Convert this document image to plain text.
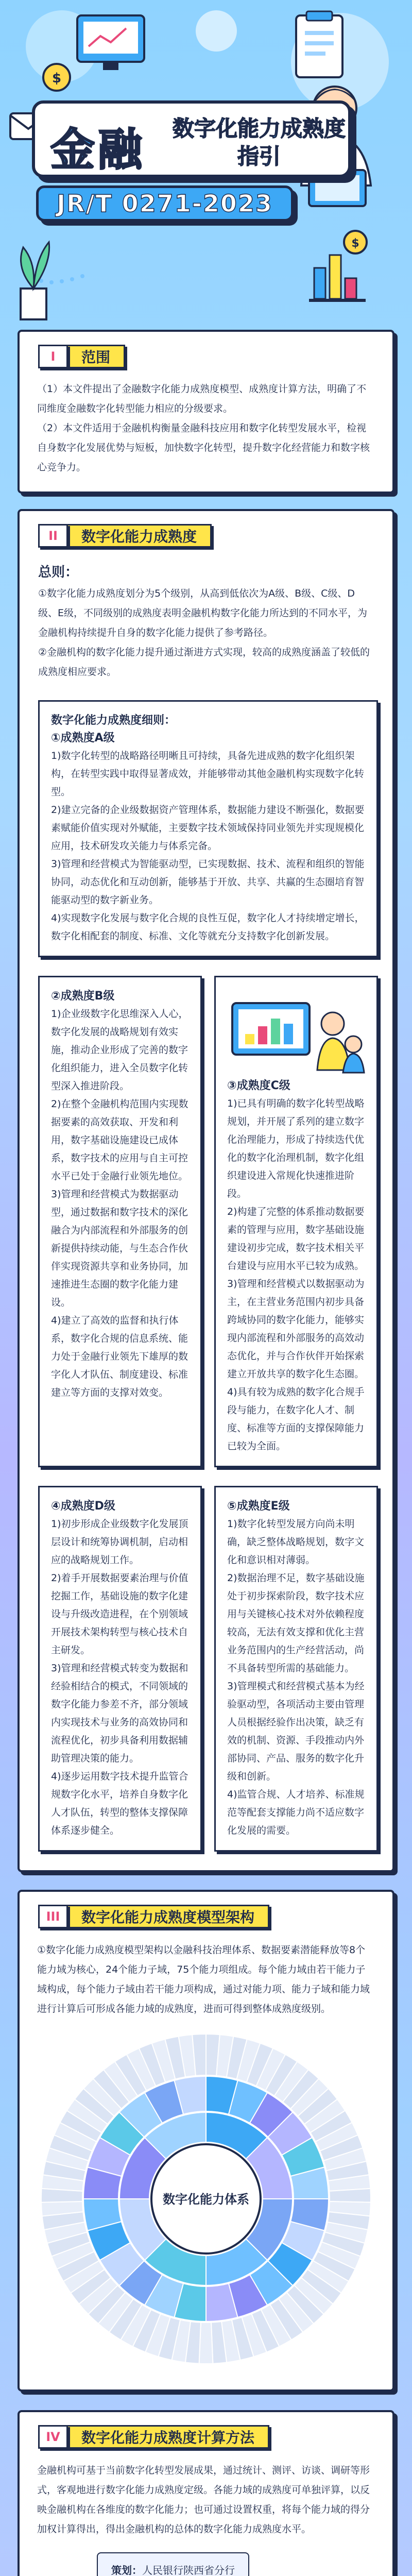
$
$
金融 数字化能力成熟度指引
JR/T 0271-2023
I	范围

（1）本文件提出了金融数字化能力成熟度模型、成熟度计算方法，明确了不同维度金融数字化转型能力相应的分级要求。

（2）本文件适用于金融机构衡量金融科技应用和数字化转型发展水平，检视自身数字化发展优势与短板，加快数字化转型，提升数字化经营能力和数字核心竞争力。

II	数字化能力成熟度
总则：

①数字化能力成熟度划分为5个级别，从高到低依次为A级、B级、C级、D级、E级，不同级别的成熟度表明金融机构数字化能力所达到的不同水平，为金融机构持续提升自身的数字化能力提供了参考路径。

②金融机构的数字化能力提升通过渐进方式实现，较高的成熟度涵盖了较低的成熟度相应要求。

数字化能力成熟度细则：
①成熟度A级

1)数字化转型的战略路径明晰且可持续，具备先进成熟的数字化组织架构，在转型实践中取得显著成效，并能够带动其他金融机构实现数字化转型。

2)建立完备的企业级数据资产管理体系，数据能力建设不断强化，数据要素赋能价值实现对外赋能，主要数字技术领域保持同业领先并实现规模化应用，技术研发攻关能力与体系完备。

3)管理和经营模式为智能驱动型，已实现数据、技术、流程和组织的智能协同，动态优化和互动创新，能够基于开放、共享、共赢的生态圈培育智能驱动型的数字新业务。

4)实现数字化发展与数字化合规的良性互促，数字化人才持续增定增长，数字化相配套的制度、标准、文化等就充分支持数字化创新发展。

②成熟度B级

1)企业级数字化思维深入人心，数字化发展的战略规划有效实施，推动企业形成了完善的数字化组织能力，进入全员数字化转型深入推进阶段。

2)在整个金融机构范围内实现数据要素的高效获取、开发和利用，数字基础设施建设已成体系，数字技术的应用与自主可控水平已处于金融行业领先地位。

3)管理和经营模式为数据驱动型，通过数据和数字技术的深化融合为内部流程和外部服务的创新提供持续动能，与生态合作伙伴实现资源共享和业务协同，加速推进生态圈的数字化能力建设。

4)建立了高效的监督和执行体系，数字化合规的信息系统、能力处于金融行业领先下雄厚的数字化人才队伍、制度建设、标准建立等方面的支撑对效变。

③成熟度C级

1)已具有明确的数字化转型战略规划，并开展了系列的建立数字化治理能力，形成了持续迭代优化的数字化治理机制，数字化组织建设进入常规化快速推进阶段。

2)构建了完整的体系推动数据要素的管理与应用，数字基础设施建设初步完成，数字技术相关平台建设与应用水平已较为成熟。

3)管理和经营模式以数据驱动为主，在主营业务范围内初步具备跨域协同的数字化能力，能够实现内部流程和外部服务的高效动态优化，并与合作伙伴开始探索建立开放共享的数字化生态圈。

4)具有较为成熟的数字化合规手段与能力，在数字化人才、制度、标准等方面的支撑保障能力已较为全面。

④成熟度D级

1)初步形成企业级数字化发展顶层设计和统筹协调机制，启动相应的战略规划工作。

2)着手开展数据要素治理与价值挖掘工作，基础设施的数字化建设与升级改造进程，在个别领域开展技术架构转型与核心技术自主研发。

3)管理和经营模式转变为数据和经验相结合的模式，不同领域的数字化能力参差不齐，部分领域内实现技术与业务的高效协同和流程优化，初步具备利用数据辅助管理决策的能力。

4)逐步运用数字技术提升监管合规数字化水平，培养自身数字化人才队伍，转型的整体支撑保障体系逐步健全。

⑤成熟度E级

1)数字化转型发展方向尚未明确，缺乏整体战略规划，数字文化和意识相对薄弱。

2)数据治理不足，数字基础设施处于初步探索阶段，数字技术应用与关键核心技术对外依赖程度较高，无法有效支撑和优化主营业务范围内的生产经营活动，尚不具备转型所需的基础能力。

3)管理模式和经营模式基本为经验驱动型，各项活动主要由管理人员根据经验作出决策，缺乏有效的机制、资源、手段推动内外部协同、产品、服务的数字化升级和创新。

4)监管合规、人才培养、标准规范等配套支撑能力尚不适应数字化发展的需要。

III	数字化能力成熟度模型架构
①数字化能力成熟度模型架构以金融科技治理体系、数据要素潜能释放等8个能力域为核心，24个能力子域，75个能力项组成。每个能力域由若干能力子域构成，每个能力子域由若干能力项构成，通过对能力项、能力子域和能力域进行计算后可形成各能力域的成熟度，进而可得到整体成熟度级别。
数字化能力体系
IV	数字化能力成熟度计算方法
金融机构可基于当前数字化转型发展成果，通过统计、测评、访谈、调研等形式，客观地进行数字化能力成熟度定级。各能力域的成熟度可单独评算，以反映金融机构在各维度的数字化能力；也可通过设置权重，将每个能力域的得分加权计算得出，得出金融机构的总体的数字化能力成熟度水平。
策划：人民银行陕西省分行
